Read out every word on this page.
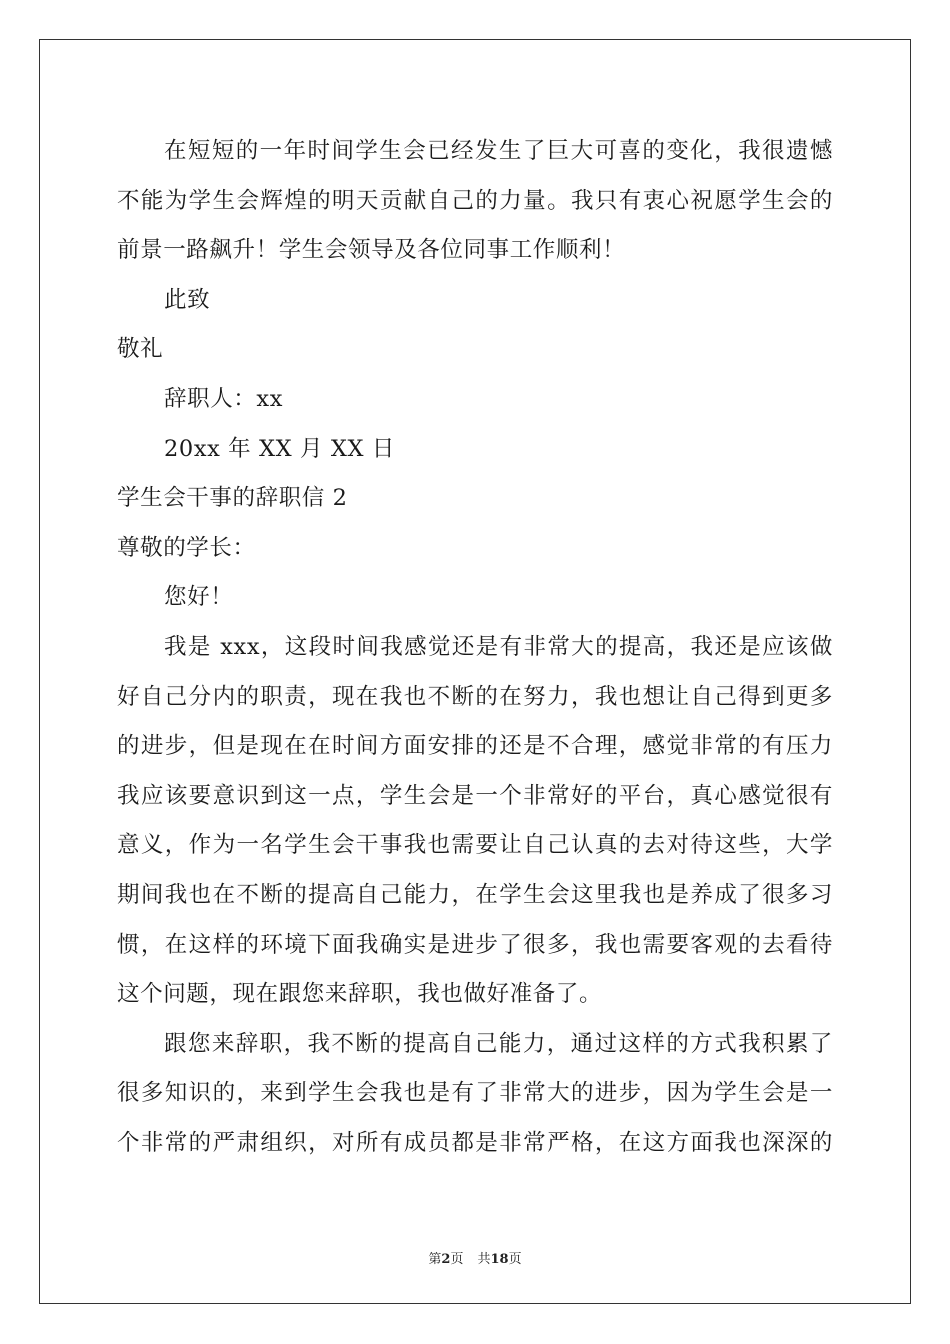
在短短的一年时间学生会已经发生了巨大可喜的变化，我很遗憾
不能为学生会辉煌的明天贡献自己的力量。我只有衷心祝愿学生会的
前景一路飙升！学生会领导及各位同事工作顺利！
此致
敬礼
辞职人：xx
20xx 年 XX 月 XX 日
学生会干事的辞职信 2
尊敬的学长：
您好！
我是 xxx，这段时间我感觉还是有非常大的提高，我还是应该做
好自己分内的职责，现在我也不断的在努力，我也想让自己得到更多
的进步，但是现在在时间方面安排的还是不合理，感觉非常的有压力
我应该要意识到这一点，学生会是一个非常好的平台，真心感觉很有
意义，作为一名学生会干事我也需要让自己认真的去对待这些，大学
期间我也在不断的提高自己能力，在学生会这里我也是养成了很多习
惯，在这样的环境下面我确实是进步了很多，我也需要客观的去看待
这个问题，现在跟您来辞职，我也做好准备了。
跟您来辞职，我不断的提高自己能力，通过这样的方式我积累了
很多知识的，来到学生会我也是有了非常大的进步，因为学生会是一
个非常的严肃组织，对所有成员都是非常严格，在这方面我也深深的
第2页 共18页
